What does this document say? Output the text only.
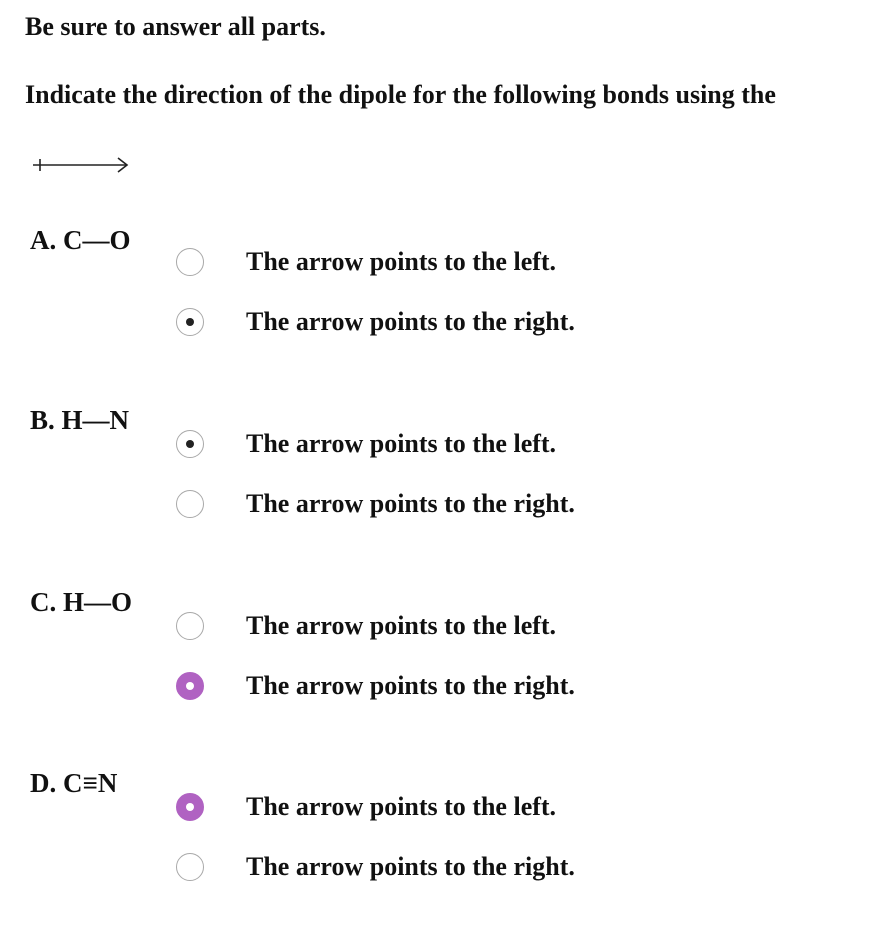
Be sure to answer all parts.
Indicate the direction of the dipole for the following bonds using the
A. C—O
The arrow points to the left.
The arrow points to the right.
B. H—N
The arrow points to the left.
The arrow points to the right.
C. H—O
The arrow points to the left.
The arrow points to the right.
D. C≡N
The arrow points to the left.
The arrow points to the right.
